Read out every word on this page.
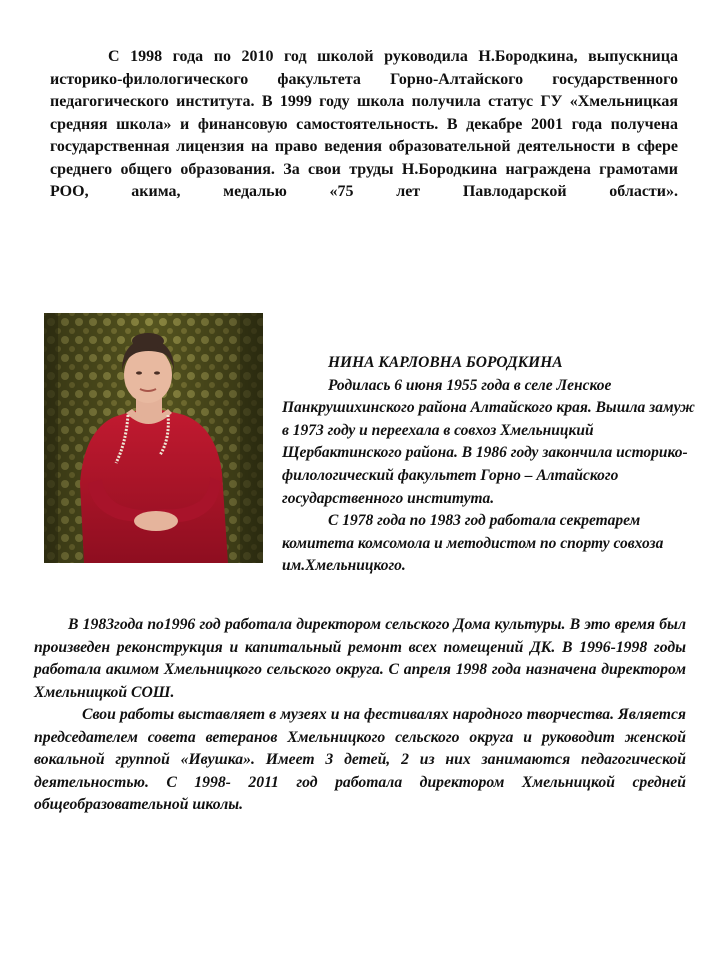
С 1998 года по 2010 год школой руководила Н.Бородкина, выпускница историко-филологического факультета Горно-Алтайского государственного педагогического института. В 1999 году школа получила статус ГУ «Хмельницкая средняя школа» и финансовую самостоятельность. В декабре 2001 года получена государственная лицензия на право ведения образовательной деятельности в сфере среднего общего образования. За свои труды Н.Бородкина награждена грамотами РОО, акима, медалью «75 лет Павлодарской области».

НИНА КАРЛОВНА БОРОДКИНА

Родилась 6 июня 1955 года в селе Ленское Панкрушихинского района Алтайского края. Вышла замуж в 1973 году и переехала в совхоз Хмельницкий Щербактинского района. В 1986 году закончила историко-филологический факультет Горно – Алтайского государственного института.

С 1978 года по 1983 год работала секретарем комитета комсомола и методистом по спорту совхоза им.Хмельницкого.

В 1983года по1996 год работала директором сельского Дома культуры. В это время был произведен реконструкция и капитальный ремонт всех помещений ДК. В 1996-1998 годы работала акимом Хмельницкого сельского округа. С апреля 1998 года назначена директором Хмельницкой СОШ.

Свои работы выставляет в музеях и на фестивалях народного творчества. Является председателем совета ветеранов Хмельницкого сельского округа и руководит женской вокальной группой «Ивушка». Имеет 3 детей, 2 из них занимаются педагогической деятельностью. С 1998- 2011 год работала директором Хмельницкой средней общеобразовательной школы.
